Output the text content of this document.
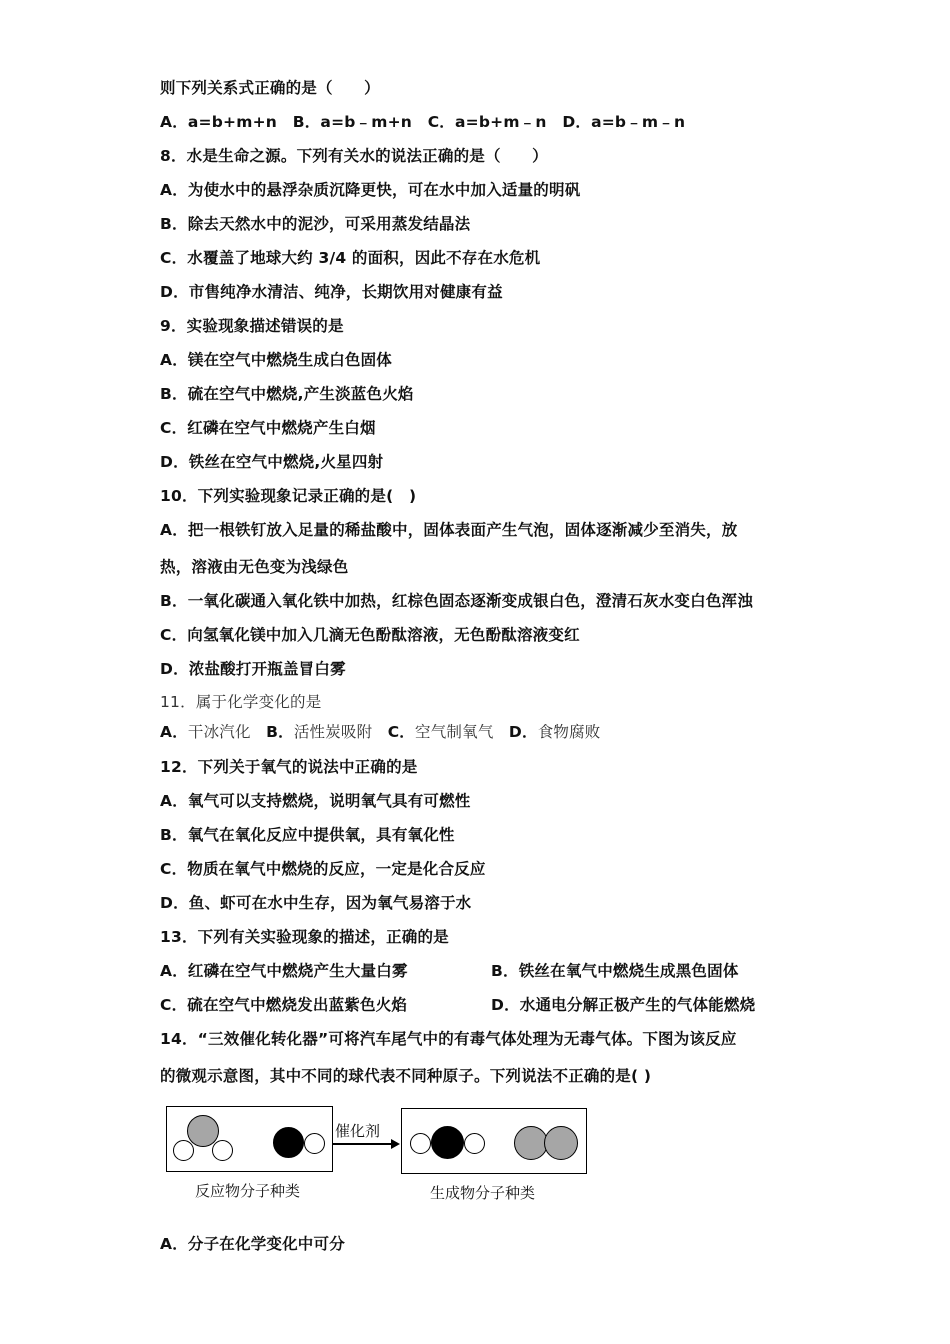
则下列关系式正确的是（　　）
A．a=b+m+n　B．a=b﹣m+n　C．a=b+m﹣n　D．a=b﹣m﹣n
8．水是生命之源。下列有关水的说法正确的是（　　）
A．为使水中的悬浮杂质沉降更快，可在水中加入适量的明矾
B．除去天然水中的泥沙，可采用蒸发结晶法
C．水覆盖了地球大约 3/4 的面积，因此不存在水危机
D．市售纯净水清洁、纯净，长期饮用对健康有益
9．实验现象描述错误的是
A．镁在空气中燃烧生成白色固体
B．硫在空气中燃烧,产生淡蓝色火焰
C．红磷在空气中燃烧产生白烟
D．铁丝在空气中燃烧,火星四射
10．下列实验现象记录正确的是(　)
A．把一根铁钉放入足量的稀盐酸中，固体表面产生气泡，固体逐渐减少至消失，放
热，溶液由无色变为浅绿色
B．一氧化碳通入氧化铁中加热，红棕色固态逐渐变成银白色，澄清石灰水变白色浑浊
C．向氢氧化镁中加入几滴无色酚酞溶液，无色酚酞溶液变红
D．浓盐酸打开瓶盖冒白雾
11．属于化学变化的是
A．干冰汽化 B．活性炭吸附 C．空气制氧气 D．食物腐败
12．下列关于氧气的说法中正确的是
A．氧气可以支持燃烧，说明氧气具有可燃性
B．氧气在氧化反应中提供氧，具有氧化性
C．物质在氧气中燃烧的反应，一定是化合反应
D．鱼、虾可在水中生存，因为氧气易溶于水
13．下列有关实验现象的描述，正确的是
A．红磷在空气中燃烧产生大量白雾	B．铁丝在氧气中燃烧生成黑色固体
C．硫在空气中燃烧发出蓝紫色火焰	D．水通电分解正极产生的气体能燃烧
14．“三效催化转化器”可将汽车尾气中的有毒气体处理为无毒气体。下图为该反应
的微观示意图，其中不同的球代表不同种原子。下列说法不正确的是( )
催化剂
反应物分子种类	生成物分子种类
A．分子在化学变化中可分
